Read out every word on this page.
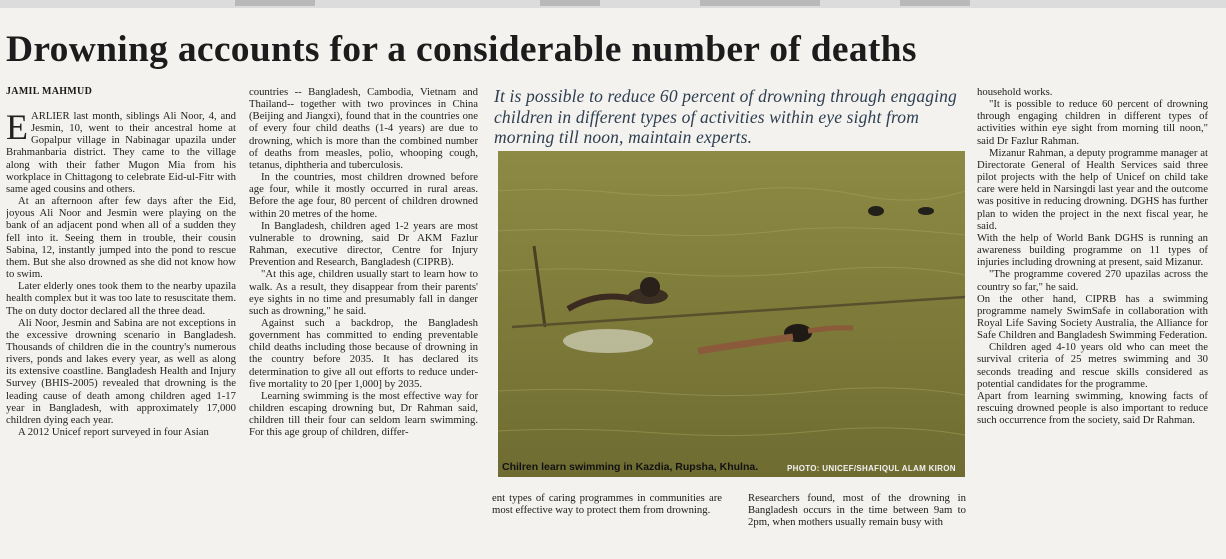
Drowning accounts for a considerable number of deaths
JAMIL MAHMUD

EARLIER last month, siblings Ali Noor, 4, and Jesmin, 10, went to their ancestral home at Gopalpur village in Nabinagar upazila under Brahmanbaria district. They came to the village along with their father Mugon Mia from his workplace in Chittagong to celebrate Eid-ul-Fitr with same aged cousins and others.

At an afternoon after few days after the Eid, joyous Ali Noor and Jesmin were playing on the bank of an adjacent pond when all of a sudden they fell into it. Seeing them in trouble, their cousin Sabina, 12, instantly jumped into the pond to rescue them. But she also drowned as she did not know how to swim.

Later elderly ones took them to the nearby upazila health complex but it was too late to resuscitate them. The on duty doctor declared all the three dead.

Ali Noor, Jesmin and Sabina are not exceptions in the excessive drowning scenario in Bangladesh. Thousands of children die in the country's numerous rivers, ponds and lakes every year, as well as along its extensive coastline. Bangladesh Health and Injury Survey (BHIS-2005) revealed that drowning is the leading cause of death among children aged 1-17 year in Bangladesh, with approximately 17,000 children dying each year.

A 2012 Unicef report surveyed in four Asian

countries -- Bangladesh, Cambodia, Vietnam and Thailand-- together with two provinces in China (Beijing and Jiangxi), found that in the countries one of every four child deaths (1-4 years) are due to drowning, which is more than the combined number of deaths from measles, polio, whooping cough, tetanus, diphtheria and tuberculosis.

In the countries, most children drowned before age four, while it mostly occurred in rural areas. Before the age four, 80 percent of children drowned within 20 metres of the home.

In Bangladesh, children aged 1-2 years are most vulnerable to drowning, said Dr AKM Fazlur Rahman, executive director, Centre for Injury Prevention and Research, Bangladesh (CIPRB).

"At this age, children usually start to learn how to walk. As a result, they disappear from their parents' eye sights in no time and presumably fall in danger such as drowning," he said.

Against such a backdrop, the Bangladesh government has committed to ending preventable child deaths including those because of drowning in the country before 2035. It has declared its determination to give all out efforts to reduce under-five mortality to 20 [per 1,000] by 2035.

Learning swimming is the most effective way for children escaping drowning but, Dr Rahman said, children till their four can seldom learn swimming. For this age group of children, differ-

It is possible to reduce 60 percent of drowning through engaging children in different types of activities within eye sight from morning till noon, maintain experts.
Chilren learn swimming in Kazdia, Rupsha, Khulna.	PHOTO: UNICEF/SHAFIQUL ALAM KIRON

ent types of caring programmes in communities are most effective way to protect them from drowning.

Researchers found, most of the drowning in Bangladesh occurs in the time between 9am to 2pm, when mothers usually remain busy with

household works.

"It is possible to reduce 60 percent of drowning through engaging children in different types of activities within eye sight from morning till noon," said Dr Fazlur Rahman.

Mizanur Rahman, a deputy programme manager at Directorate General of Health Services said three pilot projects with the help of Unicef on child take care were held in Narsingdi last year and the outcome was positive in reducing drowning. DGHS has further plan to widen the project in the next fiscal year, he said.

With the help of World Bank DGHS is running an awareness building programme on 11 types of injuries including drowning at present, said Mizanur.

"The programme covered 270 upazilas across the country so far," he said.

On the other hand, CIPRB has a swimming programme namely SwimSafe in collaboration with Royal Life Saving Society Australia, the Alliance for Safe Children and Bangladesh Swimming Federation.

Children aged 4-10 years old who can meet the survival criteria of 25 metres swimming and 30 seconds treading and rescue skills considered as potential candidates for the programme.

Apart from learning swimming, knowing facts of rescuing drowned people is also important to reduce such occurrence from the society, said Dr Rahman.
